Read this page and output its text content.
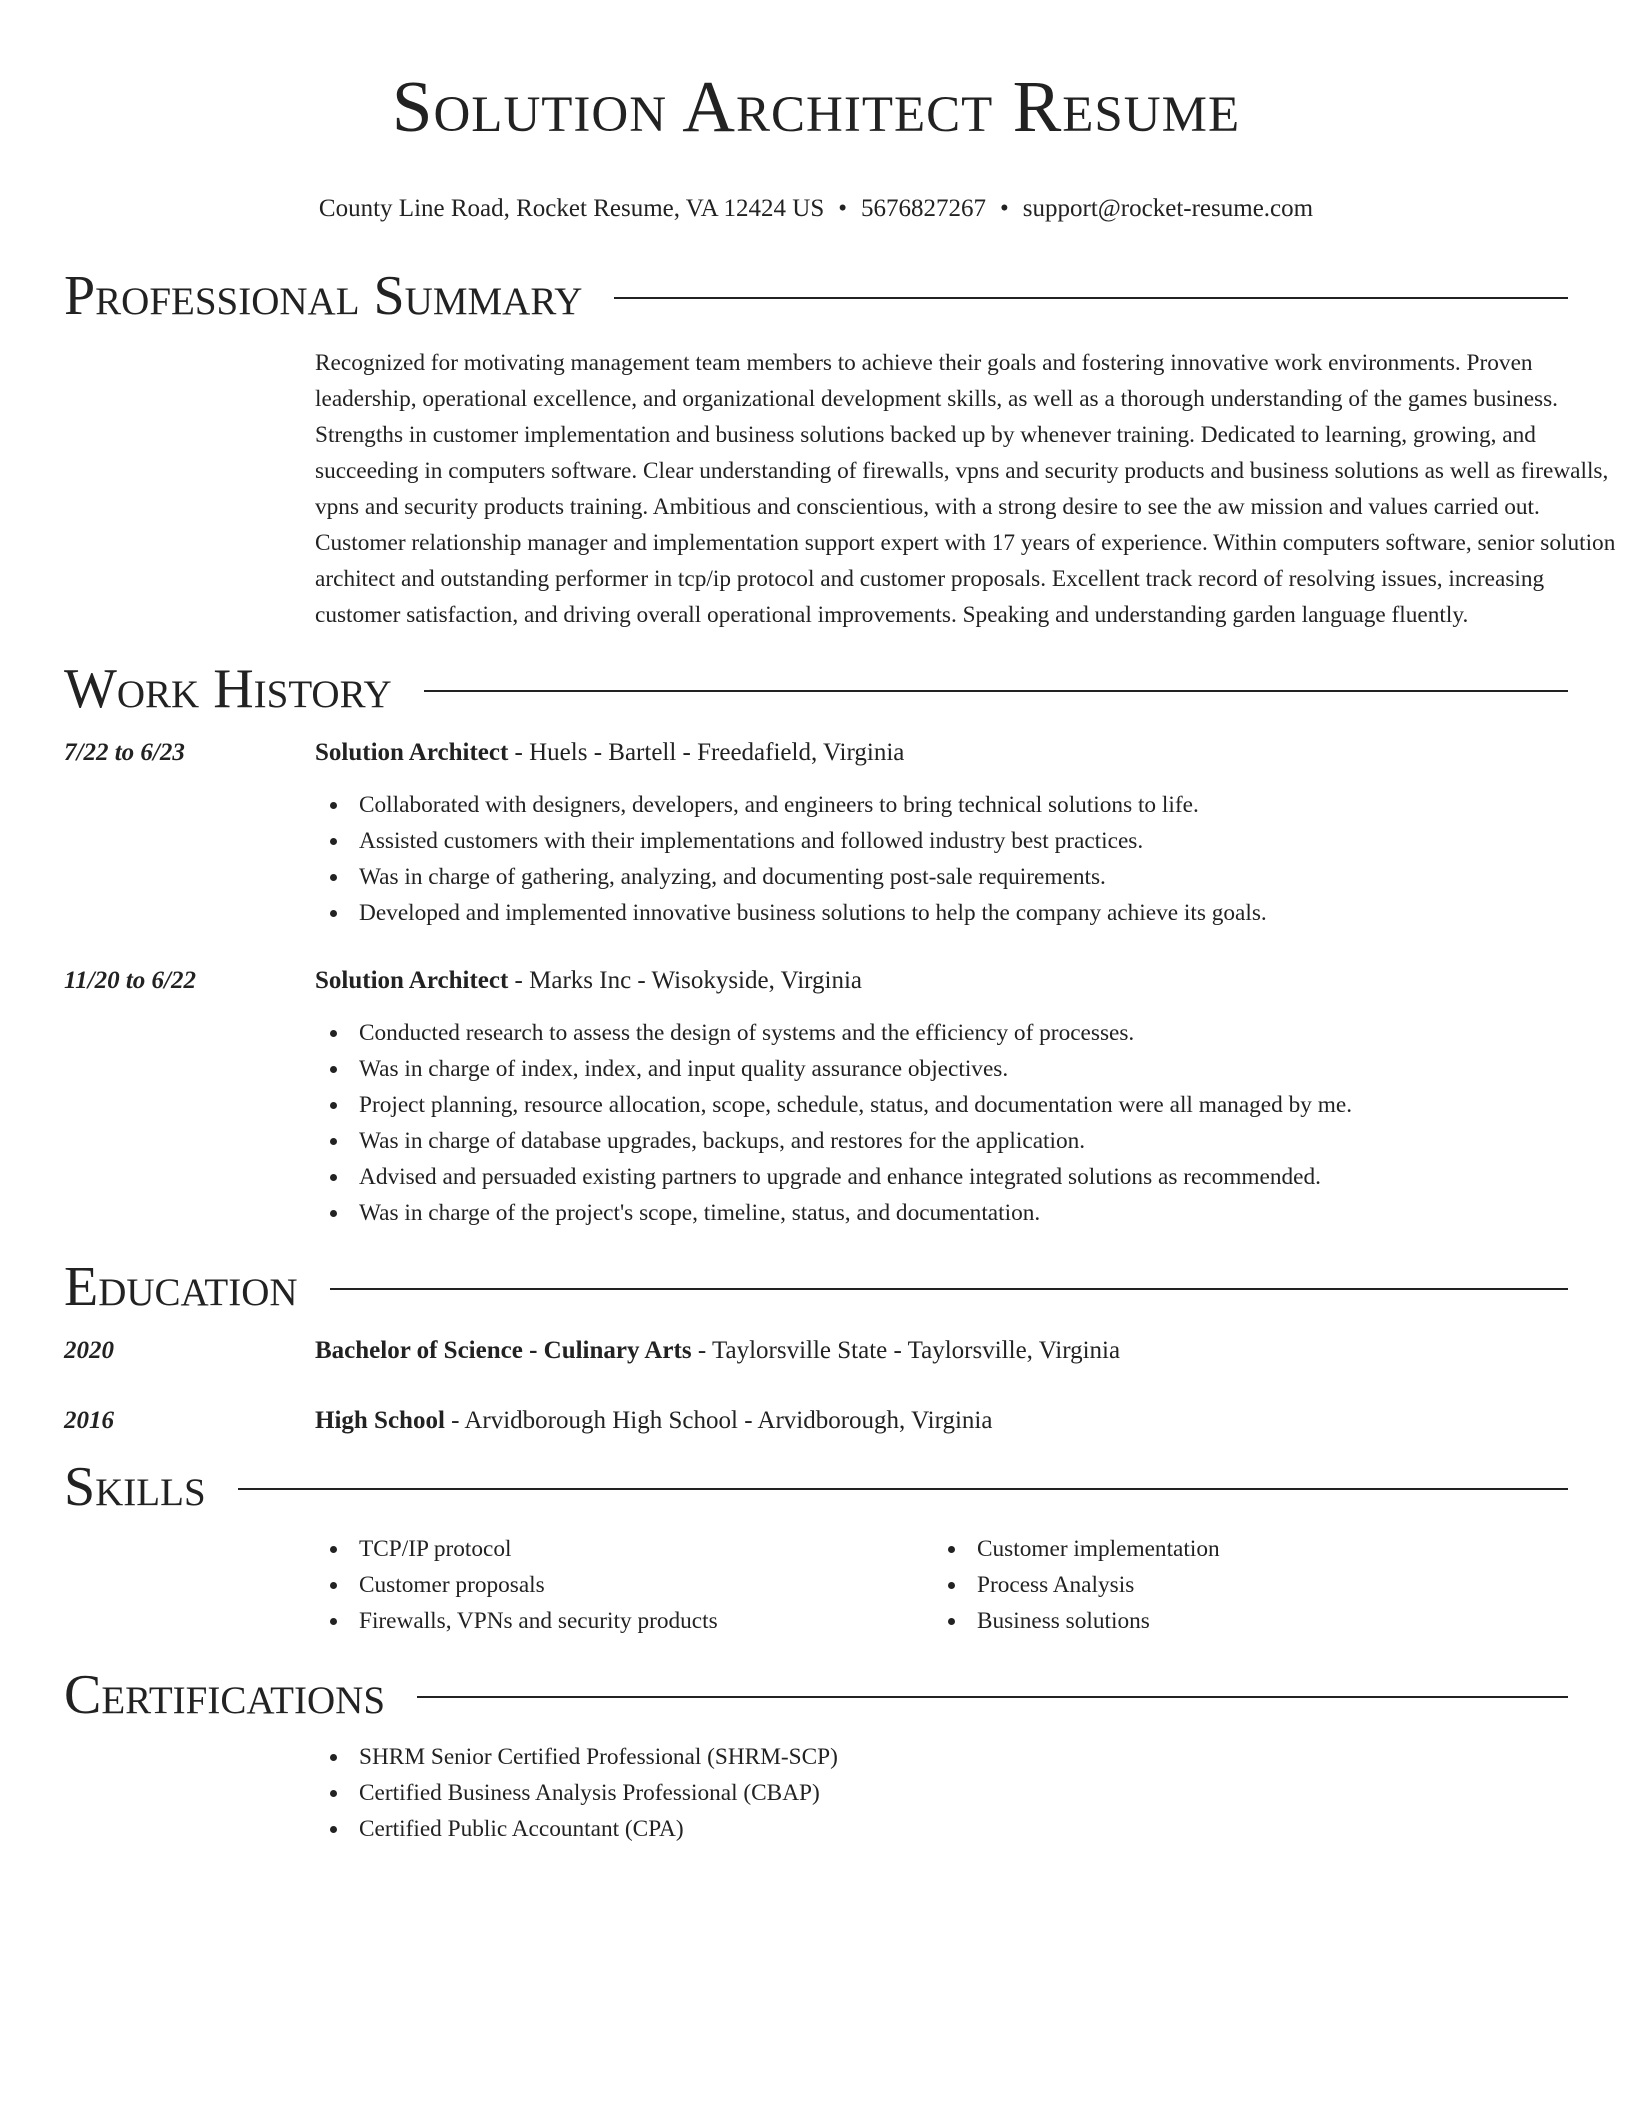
Solution Architect Resume
County Line Road, Rocket Resume, VA 12424 US • 5676827267 • support@rocket-resume.com
Professional Summary
Recognized for motivating management team members to achieve their goals and fostering innovative work environments. Proven leadership, operational excellence, and organizational development skills, as well as a thorough understanding of the games business. Strengths in customer implementation and business solutions backed up by whenever training. Dedicated to learning, growing, and succeeding in computers software. Clear understanding of firewalls, vpns and security products and business solutions as well as firewalls, vpns and security products training. Ambitious and conscientious, with a strong desire to see the aw mission and values carried out. Customer relationship manager and implementation support expert with 17 years of experience. Within computers software, senior solution architect and outstanding performer in tcp/ip protocol and customer proposals. Excellent track record of resolving issues, increasing customer satisfaction, and driving overall operational improvements. Speaking and understanding garden language fluently.
Work History
7/22 to 6/23	Solution Architect - Huels - Bartell - Freedafield, Virginia
Collaborated with designers, developers, and engineers to bring technical solutions to life.
Assisted customers with their implementations and followed industry best practices.
Was in charge of gathering, analyzing, and documenting post-sale requirements.
Developed and implemented innovative business solutions to help the company achieve its goals.
11/20 to 6/22	Solution Architect - Marks Inc - Wisokyside, Virginia
Conducted research to assess the design of systems and the efficiency of processes.
Was in charge of index, index, and input quality assurance objectives.
Project planning, resource allocation, scope, schedule, status, and documentation were all managed by me.
Was in charge of database upgrades, backups, and restores for the application.
Advised and persuaded existing partners to upgrade and enhance integrated solutions as recommended.
Was in charge of the project's scope, timeline, status, and documentation.
Education
2020	Bachelor of Science - Culinary Arts - Taylorsville State - Taylorsville, Virginia
2016	High School - Arvidborough High School - Arvidborough, Virginia
Skills
TCP/IP protocol
Customer proposals
Firewalls, VPNs and security products
Customer implementation
Process Analysis
Business solutions
Certifications
SHRM Senior Certified Professional (SHRM-SCP)
Certified Business Analysis Professional (CBAP)
Certified Public Accountant (CPA)
